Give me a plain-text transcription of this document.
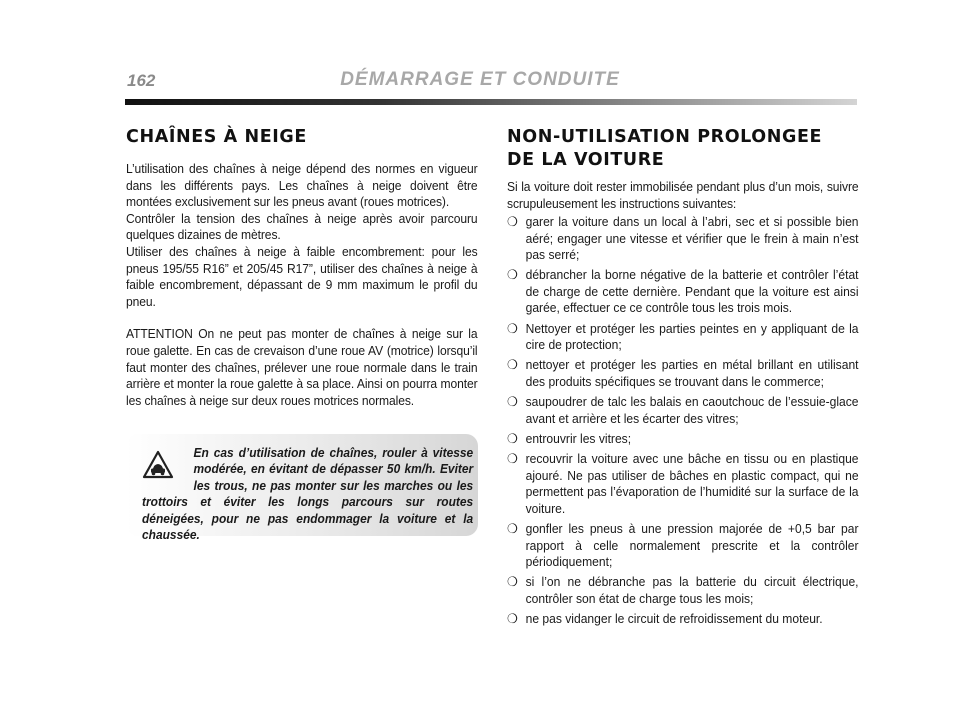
162	DÉMARRAGE ET CONDUITE
CHAÎNES À NEIGE

L’utilisation des chaînes à neige dépend des normes en vigueur dans les différents pays. Les chaînes à neige doivent être montées exclusivement sur les pneus avant (roues motrices).

Contrôler la tension des chaînes à neige après avoir parcouru quelques dizaines de mètres.

Utiliser des chaînes à neige à faible encombrement: pour les pneus 195/55 R16” et 205/45 R17”, utiliser des chaînes à neige à faible encombrement, dépassant de 9 mm maximum le profil du pneu.

ATTENTION On ne peut pas monter de chaînes à neige sur la roue galette. En cas de crevaison d’une roue AV (motrice) lorsqu’il faut monter des chaînes, prélever une roue normale dans le train arrière et monter la roue galette à sa place. Ainsi on pourra monter les chaînes à neige sur deux roues motrices normales.

En cas d’utilisation de chaînes, rouler à vitesse modérée, en évitant de dépasser 50 km/h. Eviter les trous, ne pas monter sur les marches ou les trottoirs et éviter les longs parcours sur routes déneigées, pour ne pas endommager la voiture et la chaussée.
NON-UTILISATION PROLONGEE
DE LA VOITURE

Si la voiture doit rester immobilisée pendant plus d’un mois, suivre scrupuleusement les instructions suivantes:

❍ garer la voiture dans un local à l’abri, sec et si possible bien aéré; engager une vitesse et vérifier que le frein à main n’est pas serré;
❍ débrancher la borne négative de la batterie et contrôler l’état de charge de cette dernière. Pendant que la voiture est ainsi garée, effectuer ce ce contrôle tous les trois mois.
❍ Nettoyer et protéger les parties peintes en y appliquant de la cire de protection;
❍ nettoyer et protéger les parties en métal brillant en utilisant des produits spécifiques se trouvant dans le commerce;
❍ saupoudrer de talc les balais en caoutchouc de l’essuie-glace avant et arrière et les écarter des vitres;
❍ entrouvrir les vitres;
❍ recouvrir la voiture avec une bâche en tissu ou en plastique ajouré. Ne pas utiliser de bâches en plastic compact, qui ne permettent pas l’évaporation de l’humidité sur la surface de la voiture.
❍ gonfler les pneus à une pression majorée de +0,5 bar par rapport à celle normalement prescrite et la contrôler périodiquement;
❍ si l’on ne débranche pas la batterie du circuit électrique, contrôler son état de charge tous les mois;
❍ ne pas vidanger le circuit de refroidissement du moteur.
